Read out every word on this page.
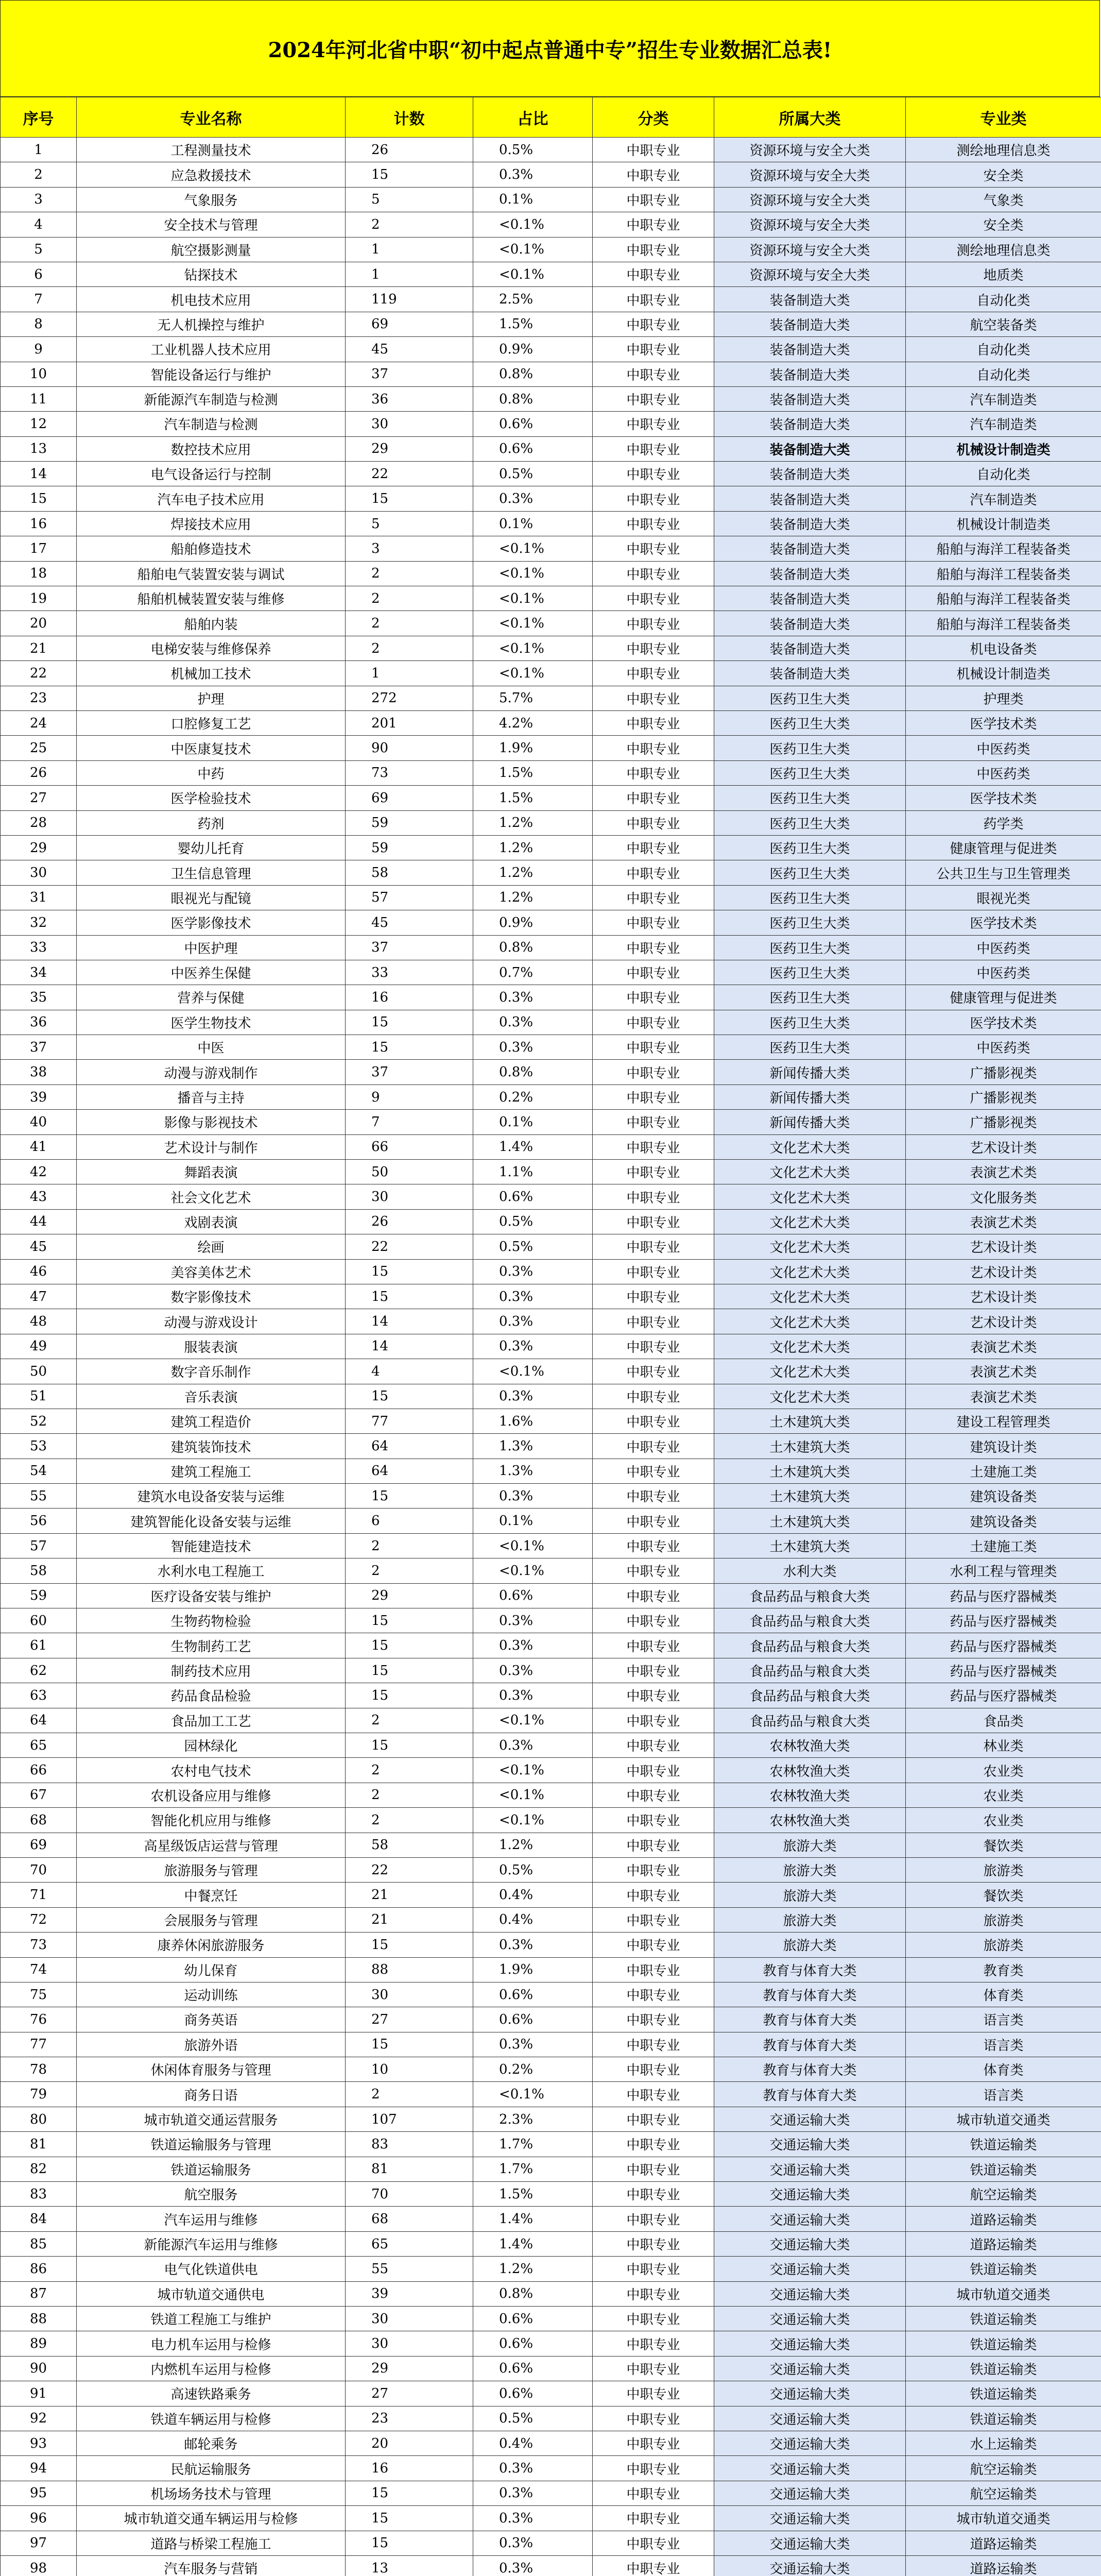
2024年河北省中职“初中起点普通中专”招生专业数据汇总表!
序号	专业名称	计数	占比	分类	所属大类	专业类
1	工程测量技术	26	0.5%	中职专业	资源环境与安全大类	测绘地理信息类
2	应急救援技术	15	0.3%	中职专业	资源环境与安全大类	安全类
3	气象服务	5	0.1%	中职专业	资源环境与安全大类	气象类
4	安全技术与管理	2	<0.1%	中职专业	资源环境与安全大类	安全类
5	航空摄影测量	1	<0.1%	中职专业	资源环境与安全大类	测绘地理信息类
6	钻探技术	1	<0.1%	中职专业	资源环境与安全大类	地质类
7	机电技术应用	119	2.5%	中职专业	装备制造大类	自动化类
8	无人机操控与维护	69	1.5%	中职专业	装备制造大类	航空装备类
9	工业机器人技术应用	45	0.9%	中职专业	装备制造大类	自动化类
10	智能设备运行与维护	37	0.8%	中职专业	装备制造大类	自动化类
11	新能源汽车制造与检测	36	0.8%	中职专业	装备制造大类	汽车制造类
12	汽车制造与检测	30	0.6%	中职专业	装备制造大类	汽车制造类
13	数控技术应用	29	0.6%	中职专业	装备制造大类	机械设计制造类
14	电气设备运行与控制	22	0.5%	中职专业	装备制造大类	自动化类
15	汽车电子技术应用	15	0.3%	中职专业	装备制造大类	汽车制造类
16	焊接技术应用	5	0.1%	中职专业	装备制造大类	机械设计制造类
17	船舶修造技术	3	<0.1%	中职专业	装备制造大类	船舶与海洋工程装备类
18	船舶电气装置安装与调试	2	<0.1%	中职专业	装备制造大类	船舶与海洋工程装备类
19	船舶机械装置安装与维修	2	<0.1%	中职专业	装备制造大类	船舶与海洋工程装备类
20	船舶内装	2	<0.1%	中职专业	装备制造大类	船舶与海洋工程装备类
21	电梯安装与维修保养	2	<0.1%	中职专业	装备制造大类	机电设备类
22	机械加工技术	1	<0.1%	中职专业	装备制造大类	机械设计制造类
23	护理	272	5.7%	中职专业	医药卫生大类	护理类
24	口腔修复工艺	201	4.2%	中职专业	医药卫生大类	医学技术类
25	中医康复技术	90	1.9%	中职专业	医药卫生大类	中医药类
26	中药	73	1.5%	中职专业	医药卫生大类	中医药类
27	医学检验技术	69	1.5%	中职专业	医药卫生大类	医学技术类
28	药剂	59	1.2%	中职专业	医药卫生大类	药学类
29	婴幼儿托育	59	1.2%	中职专业	医药卫生大类	健康管理与促进类
30	卫生信息管理	58	1.2%	中职专业	医药卫生大类	公共卫生与卫生管理类
31	眼视光与配镜	57	1.2%	中职专业	医药卫生大类	眼视光类
32	医学影像技术	45	0.9%	中职专业	医药卫生大类	医学技术类
33	中医护理	37	0.8%	中职专业	医药卫生大类	中医药类
34	中医养生保健	33	0.7%	中职专业	医药卫生大类	中医药类
35	营养与保健	16	0.3%	中职专业	医药卫生大类	健康管理与促进类
36	医学生物技术	15	0.3%	中职专业	医药卫生大类	医学技术类
37	中医	15	0.3%	中职专业	医药卫生大类	中医药类
38	动漫与游戏制作	37	0.8%	中职专业	新闻传播大类	广播影视类
39	播音与主持	9	0.2%	中职专业	新闻传播大类	广播影视类
40	影像与影视技术	7	0.1%	中职专业	新闻传播大类	广播影视类
41	艺术设计与制作	66	1.4%	中职专业	文化艺术大类	艺术设计类
42	舞蹈表演	50	1.1%	中职专业	文化艺术大类	表演艺术类
43	社会文化艺术	30	0.6%	中职专业	文化艺术大类	文化服务类
44	戏剧表演	26	0.5%	中职专业	文化艺术大类	表演艺术类
45	绘画	22	0.5%	中职专业	文化艺术大类	艺术设计类
46	美容美体艺术	15	0.3%	中职专业	文化艺术大类	艺术设计类
47	数字影像技术	15	0.3%	中职专业	文化艺术大类	艺术设计类
48	动漫与游戏设计	14	0.3%	中职专业	文化艺术大类	艺术设计类
49	服装表演	14	0.3%	中职专业	文化艺术大类	表演艺术类
50	数字音乐制作	4	<0.1%	中职专业	文化艺术大类	表演艺术类
51	音乐表演	15	0.3%	中职专业	文化艺术大类	表演艺术类
52	建筑工程造价	77	1.6%	中职专业	土木建筑大类	建设工程管理类
53	建筑装饰技术	64	1.3%	中职专业	土木建筑大类	建筑设计类
54	建筑工程施工	64	1.3%	中职专业	土木建筑大类	土建施工类
55	建筑水电设备安装与运维	15	0.3%	中职专业	土木建筑大类	建筑设备类
56	建筑智能化设备安装与运维	6	0.1%	中职专业	土木建筑大类	建筑设备类
57	智能建造技术	2	<0.1%	中职专业	土木建筑大类	土建施工类
58	水利水电工程施工	2	<0.1%	中职专业	水利大类	水利工程与管理类
59	医疗设备安装与维护	29	0.6%	中职专业	食品药品与粮食大类	药品与医疗器械类
60	生物药物检验	15	0.3%	中职专业	食品药品与粮食大类	药品与医疗器械类
61	生物制药工艺	15	0.3%	中职专业	食品药品与粮食大类	药品与医疗器械类
62	制药技术应用	15	0.3%	中职专业	食品药品与粮食大类	药品与医疗器械类
63	药品食品检验	15	0.3%	中职专业	食品药品与粮食大类	药品与医疗器械类
64	食品加工工艺	2	<0.1%	中职专业	食品药品与粮食大类	食品类
65	园林绿化	15	0.3%	中职专业	农林牧渔大类	林业类
66	农村电气技术	2	<0.1%	中职专业	农林牧渔大类	农业类
67	农机设备应用与维修	2	<0.1%	中职专业	农林牧渔大类	农业类
68	智能化机应用与维修	2	<0.1%	中职专业	农林牧渔大类	农业类
69	高星级饭店运营与管理	58	1.2%	中职专业	旅游大类	餐饮类
70	旅游服务与管理	22	0.5%	中职专业	旅游大类	旅游类
71	中餐烹饪	21	0.4%	中职专业	旅游大类	餐饮类
72	会展服务与管理	21	0.4%	中职专业	旅游大类	旅游类
73	康养休闲旅游服务	15	0.3%	中职专业	旅游大类	旅游类
74	幼儿保育	88	1.9%	中职专业	教育与体育大类	教育类
75	运动训练	30	0.6%	中职专业	教育与体育大类	体育类
76	商务英语	27	0.6%	中职专业	教育与体育大类	语言类
77	旅游外语	15	0.3%	中职专业	教育与体育大类	语言类
78	休闲体育服务与管理	10	0.2%	中职专业	教育与体育大类	体育类
79	商务日语	2	<0.1%	中职专业	教育与体育大类	语言类
80	城市轨道交通运营服务	107	2.3%	中职专业	交通运输大类	城市轨道交通类
81	铁道运输服务与管理	83	1.7%	中职专业	交通运输大类	铁道运输类
82	铁道运输服务	81	1.7%	中职专业	交通运输大类	铁道运输类
83	航空服务	70	1.5%	中职专业	交通运输大类	航空运输类
84	汽车运用与维修	68	1.4%	中职专业	交通运输大类	道路运输类
85	新能源汽车运用与维修	65	1.4%	中职专业	交通运输大类	道路运输类
86	电气化铁道供电	55	1.2%	中职专业	交通运输大类	铁道运输类
87	城市轨道交通供电	39	0.8%	中职专业	交通运输大类	城市轨道交通类
88	铁道工程施工与维护	30	0.6%	中职专业	交通运输大类	铁道运输类
89	电力机车运用与检修	30	0.6%	中职专业	交通运输大类	铁道运输类
90	内燃机车运用与检修	29	0.6%	中职专业	交通运输大类	铁道运输类
91	高速铁路乘务	27	0.6%	中职专业	交通运输大类	铁道运输类
92	铁道车辆运用与检修	23	0.5%	中职专业	交通运输大类	铁道运输类
93	邮轮乘务	20	0.4%	中职专业	交通运输大类	水上运输类
94	民航运输服务	16	0.3%	中职专业	交通运输大类	航空运输类
95	机场场务技术与管理	15	0.3%	中职专业	交通运输大类	航空运输类
96	城市轨道交通车辆运用与检修	15	0.3%	中职专业	交通运输大类	城市轨道交通类
97	道路与桥梁工程施工	15	0.3%	中职专业	交通运输大类	道路运输类
98	汽车服务与营销	13	0.3%	中职专业	交通运输大类	道路运输类
